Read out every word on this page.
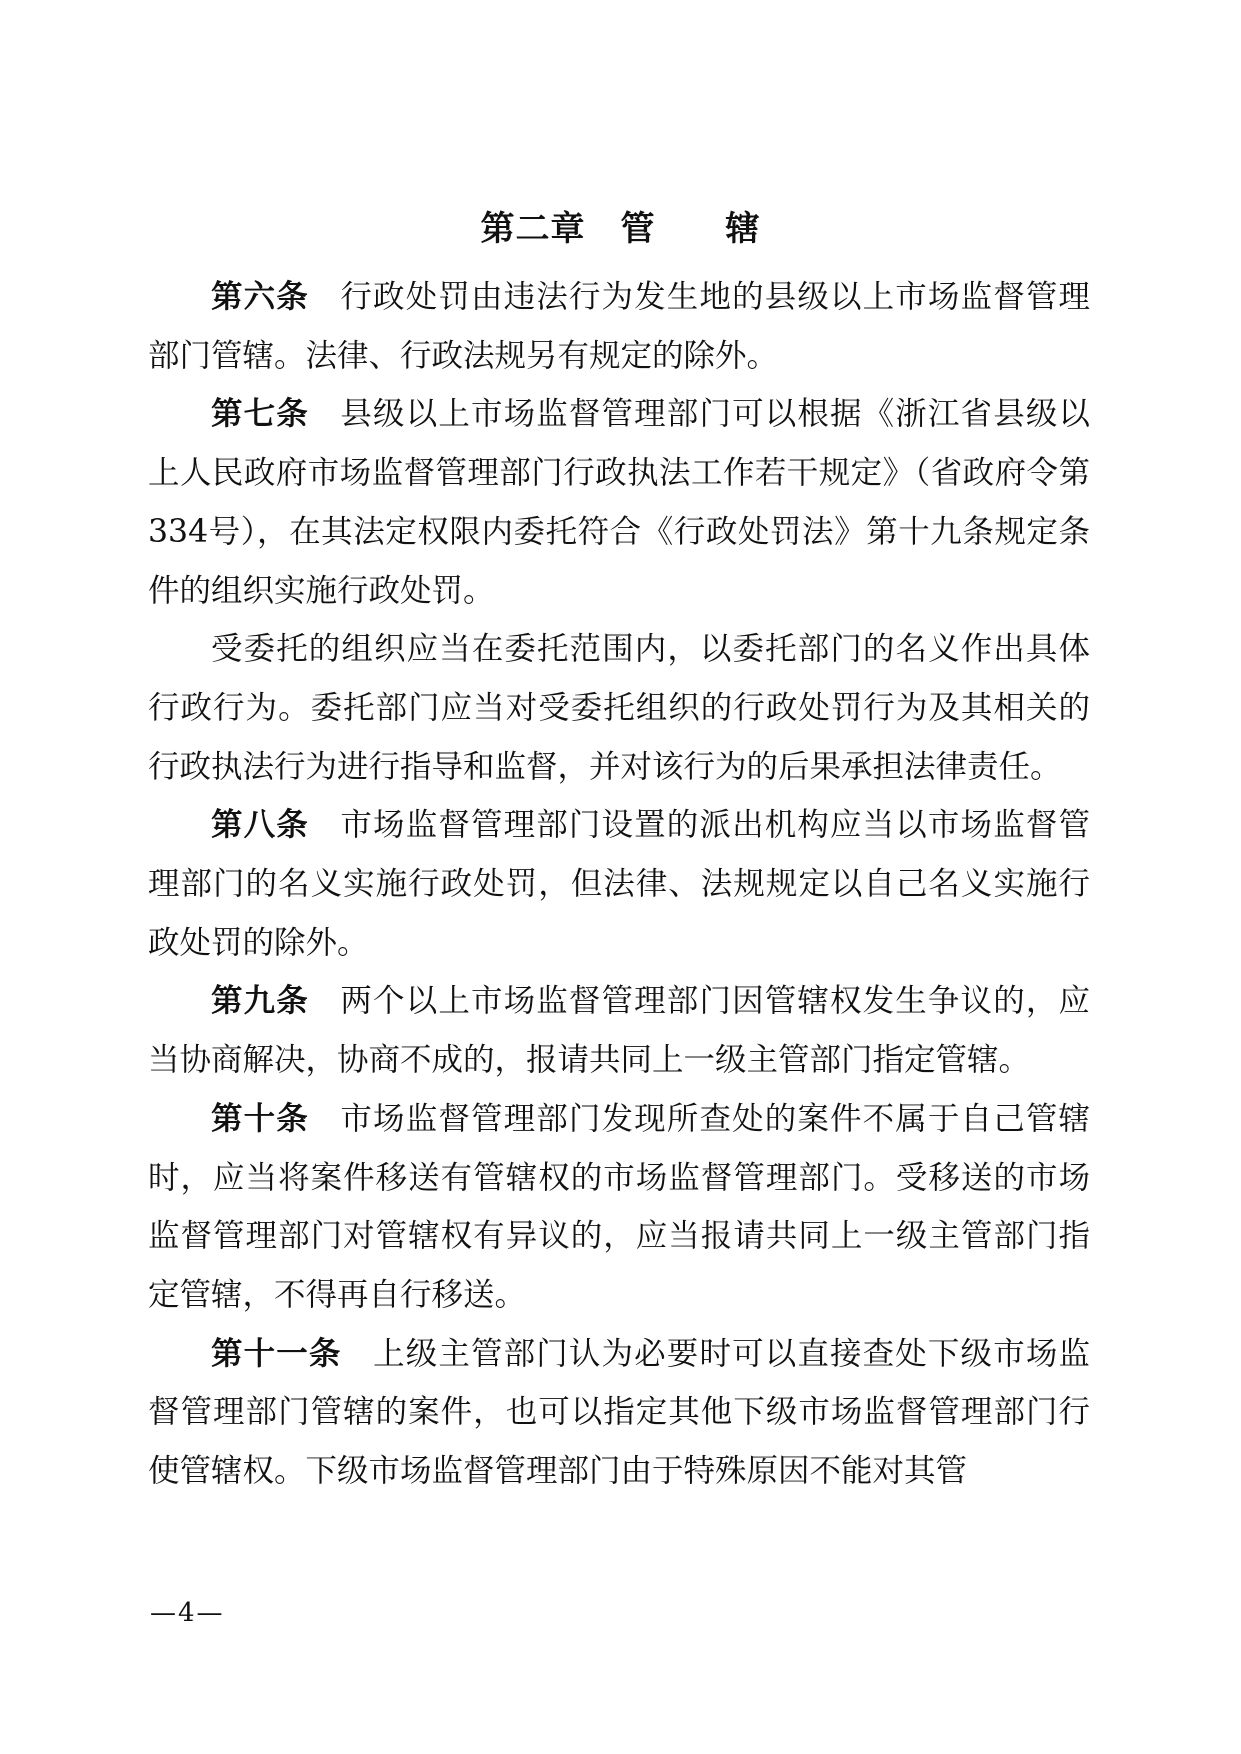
第二章　管　　辖

第六条 行政处罚由违法行为发生地的县级以上市场监督管理部门管辖。法律、行政法规另有规定的除外。

第七条 县级以上市场监督管理部门可以根据《浙江省县级以上人民政府市场监督管理部门行政执法工作若干规定》（省政府令第334号），在其法定权限内委托符合《行政处罚法》第十九条规定条件的组织实施行政处罚。

受委托的组织应当在委托范围内，以委托部门的名义作出具体行政行为。委托部门应当对受委托组织的行政处罚行为及其相关的行政执法行为进行指导和监督，并对该行为的后果承担法律责任。

第八条 市场监督管理部门设置的派出机构应当以市场监督管理部门的名义实施行政处罚，但法律、法规规定以自己名义实施行政处罚的除外。

第九条 两个以上市场监督管理部门因管辖权发生争议的，应当协商解决，协商不成的，报请共同上一级主管部门指定管辖。

第十条 市场监督管理部门发现所查处的案件不属于自己管辖时，应当将案件移送有管辖权的市场监督管理部门。受移送的市场监督管理部门对管辖权有异议的，应当报请共同上一级主管部门指定管辖，不得再自行移送。

第十一条 上级主管部门认为必要时可以直接查处下级市场监督管理部门管辖的案件，也可以指定其他下级市场监督管理部门行使管辖权。下级市场监督管理部门由于特殊原因不能对其管

—4—
